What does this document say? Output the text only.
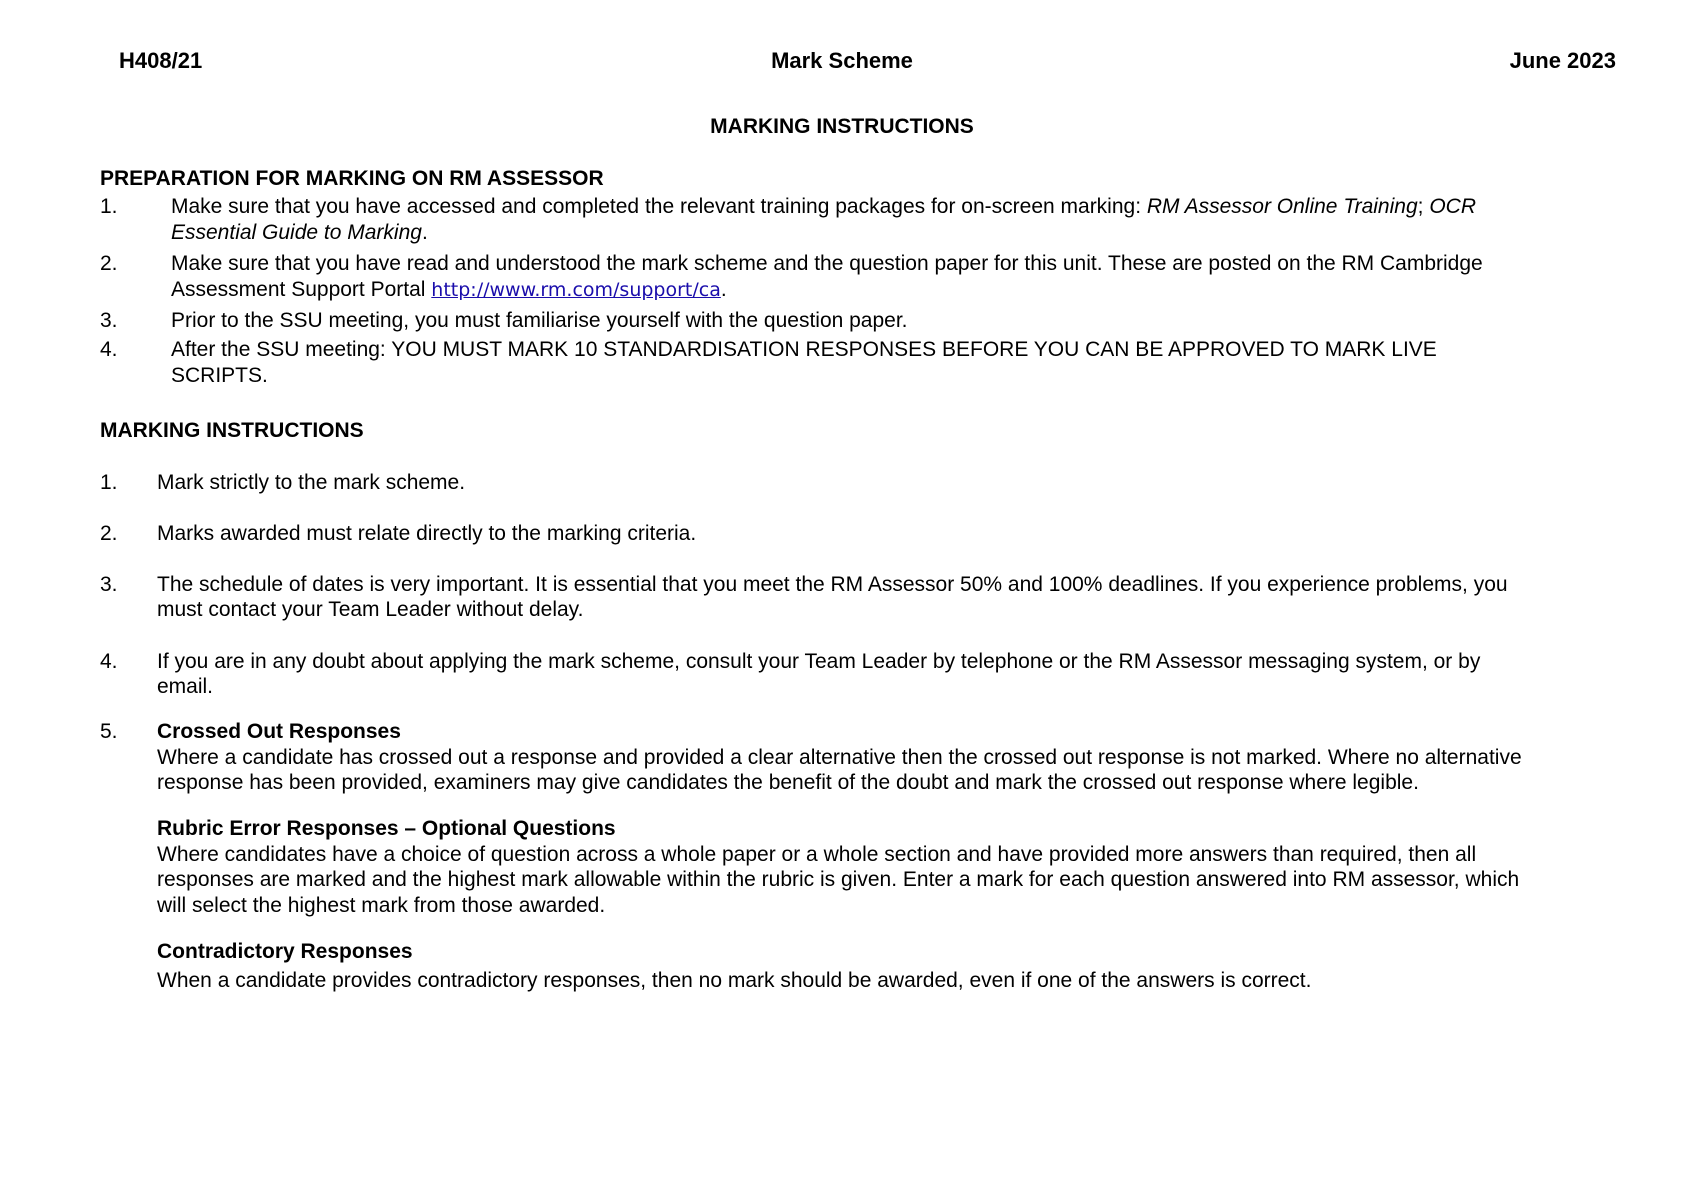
H408/21	Mark Scheme	June 2023
MARKING INSTRUCTIONS
PREPARATION FOR MARKING ON RM ASSESSOR
1.	Make sure that you have accessed and completed the relevant training packages for on-screen marking: RM Assessor Online Training; OCR
Essential Guide to Marking.
2.	Make sure that you have read and understood the mark scheme and the question paper for this unit. These are posted on the RM Cambridge
Assessment Support Portal http://www.rm.com/support/ca.
3.	Prior to the SSU meeting, you must familiarise yourself with the question paper.
4.	After the SSU meeting: YOU MUST MARK 10 STANDARDISATION RESPONSES BEFORE YOU CAN BE APPROVED TO MARK LIVE
SCRIPTS.
MARKING INSTRUCTIONS
1. Mark strictly to the mark scheme.
2. Marks awarded must relate directly to the marking criteria.
3. The schedule of dates is very important. It is essential that you meet the RM Assessor 50% and 100% deadlines. If you experience problems, you
must contact your Team Leader without delay.
4. If you are in any doubt about applying the mark scheme, consult your Team Leader by telephone or the RM Assessor messaging system, or by
email.
5. Crossed Out Responses
Where a candidate has crossed out a response and provided a clear alternative then the crossed out response is not marked. Where no alternative
response has been provided, examiners may give candidates the benefit of the doubt and mark the crossed out response where legible.
Rubric Error Responses – Optional Questions
Where candidates have a choice of question across a whole paper or a whole section and have provided more answers than required, then all
responses are marked and the highest mark allowable within the rubric is given. Enter a mark for each question answered into RM assessor, which
will select the highest mark from those awarded.
Contradictory Responses
When a candidate provides contradictory responses, then no mark should be awarded, even if one of the answers is correct.
